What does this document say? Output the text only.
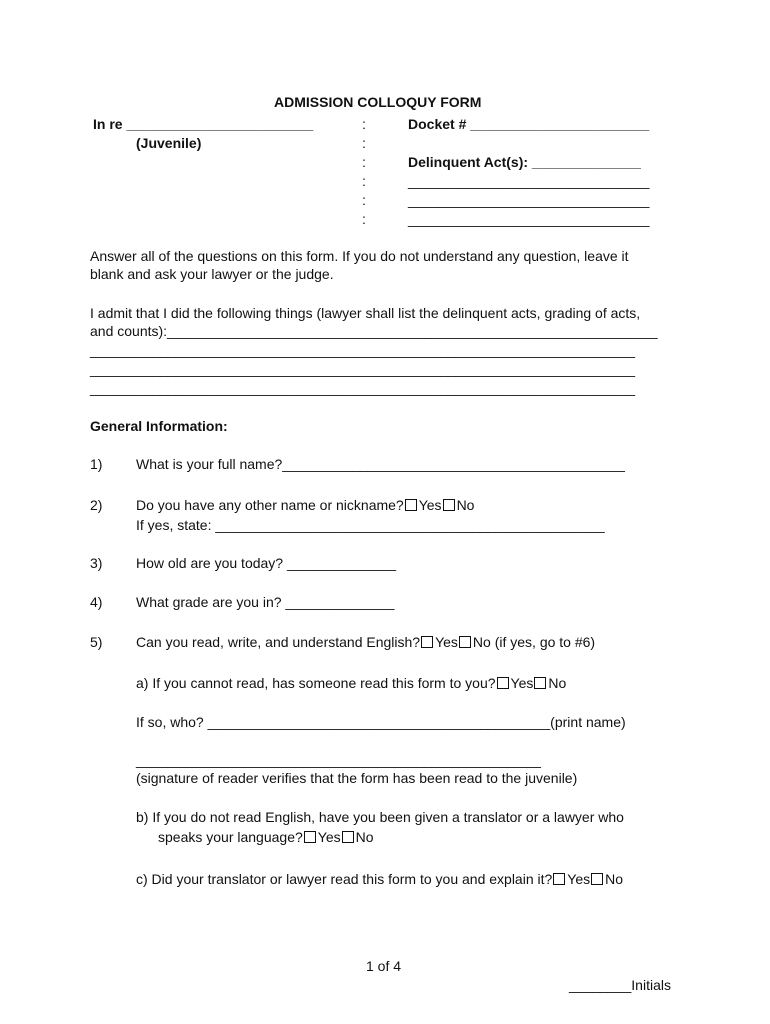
ADMISSION COLLOQUY FORM
In re ________________________
(Juvenile)
:
:
:
:
:
:
Docket # _______________________
Delinquent Act(s): ______________
_______________________________
_______________________________
_______________________________
Answer all of the questions on this form. If you do not understand any question, leave it
blank and ask your lawyer or the judge.
I admit that I did the following things (lawyer shall list the delinquent acts, grading of acts,
and counts):_______________________________________________________________
______________________________________________________________________
______________________________________________________________________
______________________________________________________________________
General Information:
1) What is your full name?____________________________________________
2) Do you have any other name or nickname? Yes No
If yes, state: __________________________________________________
3) How old are you today? ______________
4) What grade are you in? ______________
5) Can you read, write, and understand English? Yes No (if yes, go to #6)
a) If you cannot read, has someone read this form to you? Yes No
If so, who? ____________________________________________(print name)
____________________________________________________
(signature of reader verifies that the form has been read to the juvenile)
b) If you do not read English, have you been given a translator or a lawyer who
speaks your language? Yes No
c) Did your translator or lawyer read this form to you and explain it? Yes No
1 of 4
________Initials
